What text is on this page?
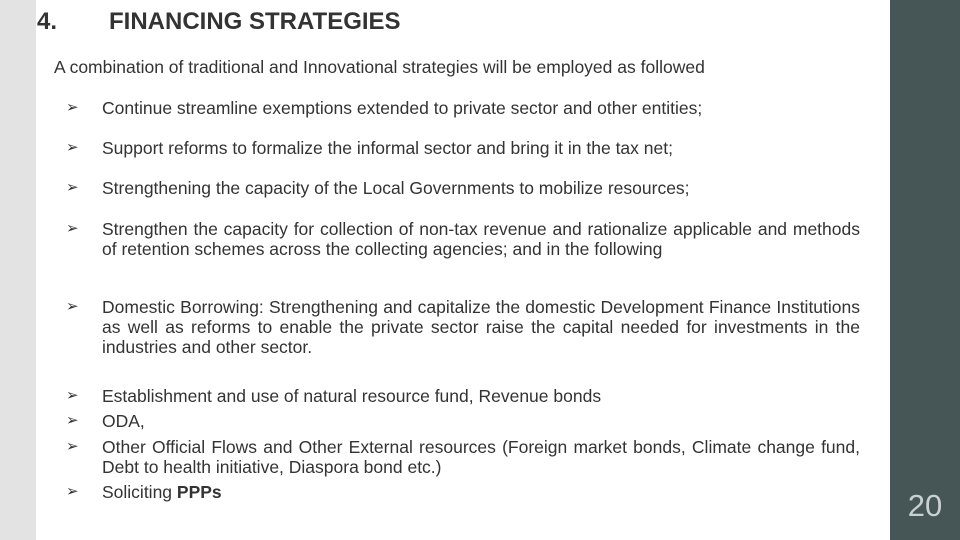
20
4. FINANCING STRATEGIES
A combination of traditional and Innovational strategies will be employed as followed
➢	Continue streamline exemptions extended to private sector and other entities;
➢	Support reforms to formalize the informal sector and bring it in the tax net;
➢	Strengthening the capacity of the Local Governments to mobilize resources;
➢	Strengthen the capacity for collection of non-tax revenue and rationalize applicable and methods of retention schemes across the collecting agencies; and in the following
➢	Domestic Borrowing: Strengthening and capitalize the domestic Development Finance Institutions as well as reforms to enable the private sector raise the capital needed for investments in the industries and other sector.
➢	Establishment and use of natural resource fund, Revenue bonds
➢	ODA,
➢	Other Official Flows and Other External resources (Foreign market bonds, Climate change fund, Debt to health initiative, Diaspora bond etc.)
➢	Soliciting PPPs
